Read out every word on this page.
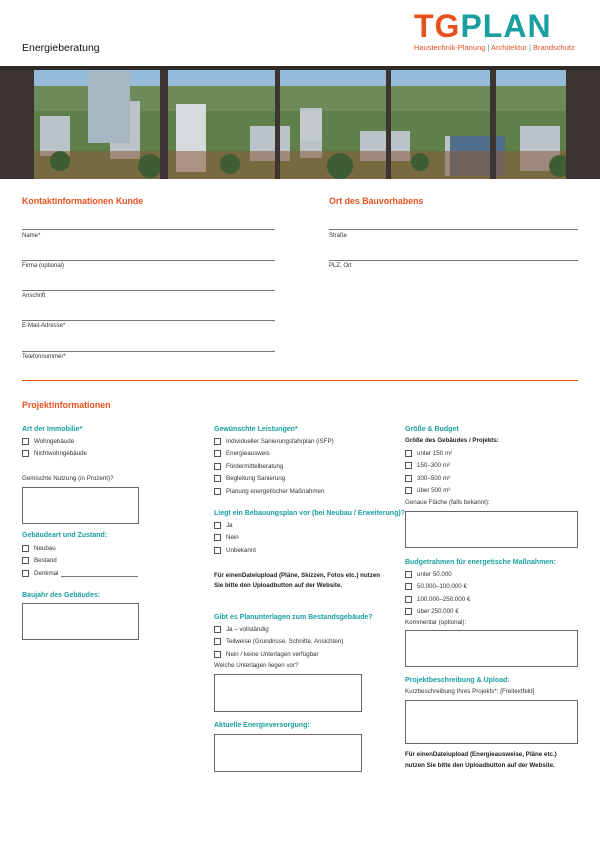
Energieberatung
TGPLAN
Haustechnik-Planung | Architektur | Brandschutz
Kontaktinformationen Kunde	Ort des Bauvorhabens
Name*
Firma (optional)
Anschrift
E-Mail-Adresse*
Telefonnummer*
Straße
PLZ, Ort
Projektinformationen
Art der Immobilie*
Wohngebäude
Nichtwohngebäude
Gemischte Nutzung (in Prozent)?
Gebäudeart und Zustand:
Neubau
Bestand
Denkmal
Baujahr des Gebäudes:
Gewünschte Leistungen*
Individueller Sanierungsfahrplan (iSFP)
Energieausweis
Fördermittelberatung
Begleitung Sanierung
Planung energetischer Maßnahmen
Liegt ein Bebauungsplan vor (bei Neubau / Erweiterung)?
Ja
Nein
Unbekannt
Für einenDateiupload (Pläne, Skizzen, Fotos etc.) nutzen
Sie bitte den Uploadbutton auf der Website.
Gibt es Planunterlagen zum Bestandsgebäude?
Ja – vollständig
Teilweise (Grundrisse, Schnitte, Ansichten)
Nein / keine Unterlagen verfügbar
Welche Unterlagen liegen vor?
Aktuelle Energieversorgung:
Größe & Budget
Größe des Gebäudes / Projekts:
unter 150 m²
150–300 m²
300–500 m²
über 500 m²
Genaue Fläche (falls bekannt):
Budgetrahmen für energetische Maßnahmen:
unter 50.000
50.000–100.000 €
100.000–250.000 €
über 250.000 €
Kommentar (optional):
Projektbeschreibung & Upload:
Kurzbeschreibung Ihres Projekts*: [Freitextfeld]
Für einenDateiupload (Energieausweise, Pläne etc.)
nutzen Sie bitte den Uploadbutton auf der Website.
